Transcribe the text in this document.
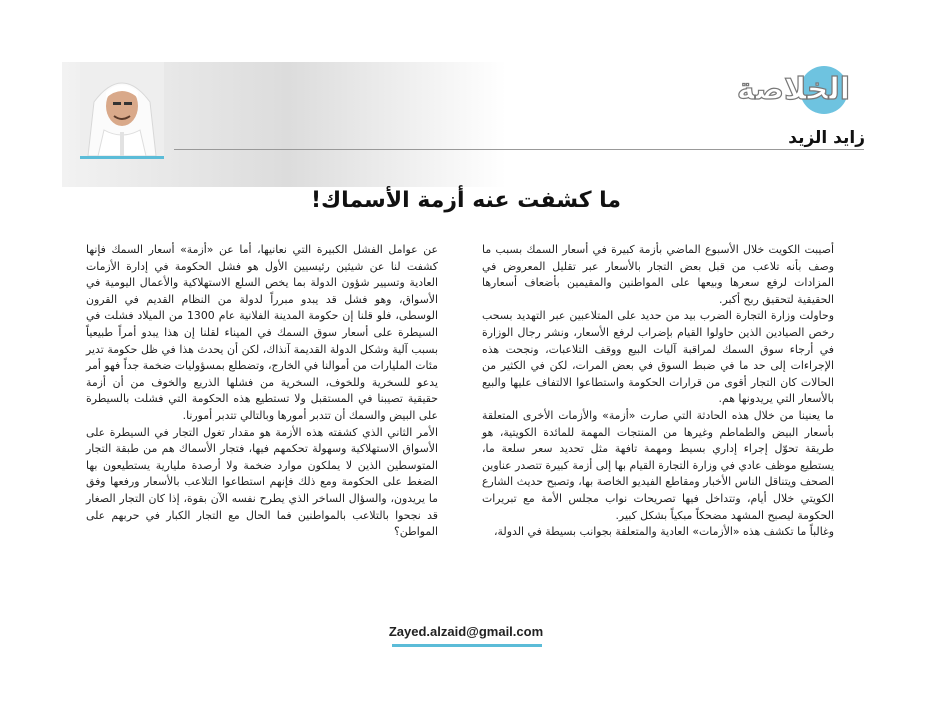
الخلاصة
زايد الزيد
ما كشفت عنه أزمة الأسماك!

أصيبت الكويت خلال الأسبوع الماضي بأزمة كبيرة في أسعار السمك بسبب ما وصف بأنه تلاعب من قبل بعض التجار بالأسعار عبر تقليل المعروض في المزادات لرفع سعرها وبيعها على المواطنين والمقيمين بأضعاف أسعارها الحقيقية لتحقيق ربح أكبر.

وحاولت وزارة التجارة الضرب بيد من حديد على المتلاعبين عبر التهديد بسحب رخص الصيادين الذين حاولوا القيام بإضراب لرفع الأسعار، ونشر رجال الوزارة في أرجاء سوق السمك لمراقبة آليات البيع ووقف التلاعبات، ونجحت هذه الإجراءات إلى حد ما في ضبط السوق في بعض المرات، لكن في الكثير من الحالات كان التجار أقوى من قرارات الحكومة واستطاعوا الالتفاف عليها والبيع بالأسعار التي يريدونها هم.

ما يعنينا من خلال هذه الحادثة التي صارت «أزمة» والأزمات الأخرى المتعلقة بأسعار البيض والطماطم وغيرها من المنتجات المهمة للمائدة الكويتية، هو طريقة تحوّل إجراء إداري بسيط ومهمة تافهة مثل تحديد سعر سلعة ما، يستطيع موظف عادي في وزارة التجارة القيام بها إلى أزمة كبيرة تتصدر عناوين الصحف ويتناقل الناس الأخبار ومقاطع الفيديو الخاصة بها، وتصبح حديث الشارع الكويتي خلال أيام، وتتداخل فيها تصريحات نواب مجلس الأمة مع تبريرات الحكومة ليصبح المشهد مضحكاً مبكياً بشكل كبير.

وغالباً ما تكشف هذه «الأزمات» العادية والمتعلقة بجوانب بسيطة في الدولة،

عن عوامل الفشل الكبيرة التي نعانيها، أما عن «أزمة» أسعار السمك فإنها كشفت لنا عن شيئين رئيسيين الأول هو فشل الحكومة في إدارة الأزمات العادية وتسيير شؤون الدولة بما يخص السلع الاستهلاكية والأعمال اليومية في الأسواق، وهو فشل قد يبدو مبرراً لدولة من النظام القديم في القرون الوسطى، فلو قلنا إن حكومة المدينة الفلانية عام 1300 من الميلاد فشلت في السيطرة على أسعار سوق السمك في الميناء لقلنا إن هذا يبدو أمراً طبيعياً بسبب آلية وشكل الدولة القديمة آنذاك، لكن أن يحدث هذا في ظل حكومة تدير مئات المليارات من أموالنا في الخارج، وتضطلع بمسؤوليات ضخمة جداً فهو أمر يدعو للسخرية وللخوف، السخرية من فشلها الذريع والخوف من أن أزمة حقيقية تصيبنا في المستقبل ولا تستطيع هذه الحكومة التي فشلت بالسيطرة على البيض والسمك أن تتدبر أمورها وبالتالي تتدبر أمورنا.

الأمر الثاني الذي كشفته هذه الأزمة هو مقدار تغول التجار في السيطرة على الأسواق الاستهلاكية وسهولة تحكمهم فيها، فتجار الأسماك هم من طبقة التجار المتوسطين الذين لا يملكون موارد ضخمة ولا أرصدة مليارية يستطيعون بها الضغط على الحكومة ومع ذلك فإنهم استطاعوا التلاعب بالأسعار ورفعها وفق ما يريدون، والسؤال الساخر الذي يطرح نفسه الآن بقوة، إذا كان التجار الصغار قد نجحوا بالتلاعب بالمواطنين فما الحال مع التجار الكبار في حربهم على المواطن؟

Zayed.alzaid@gmail.com
